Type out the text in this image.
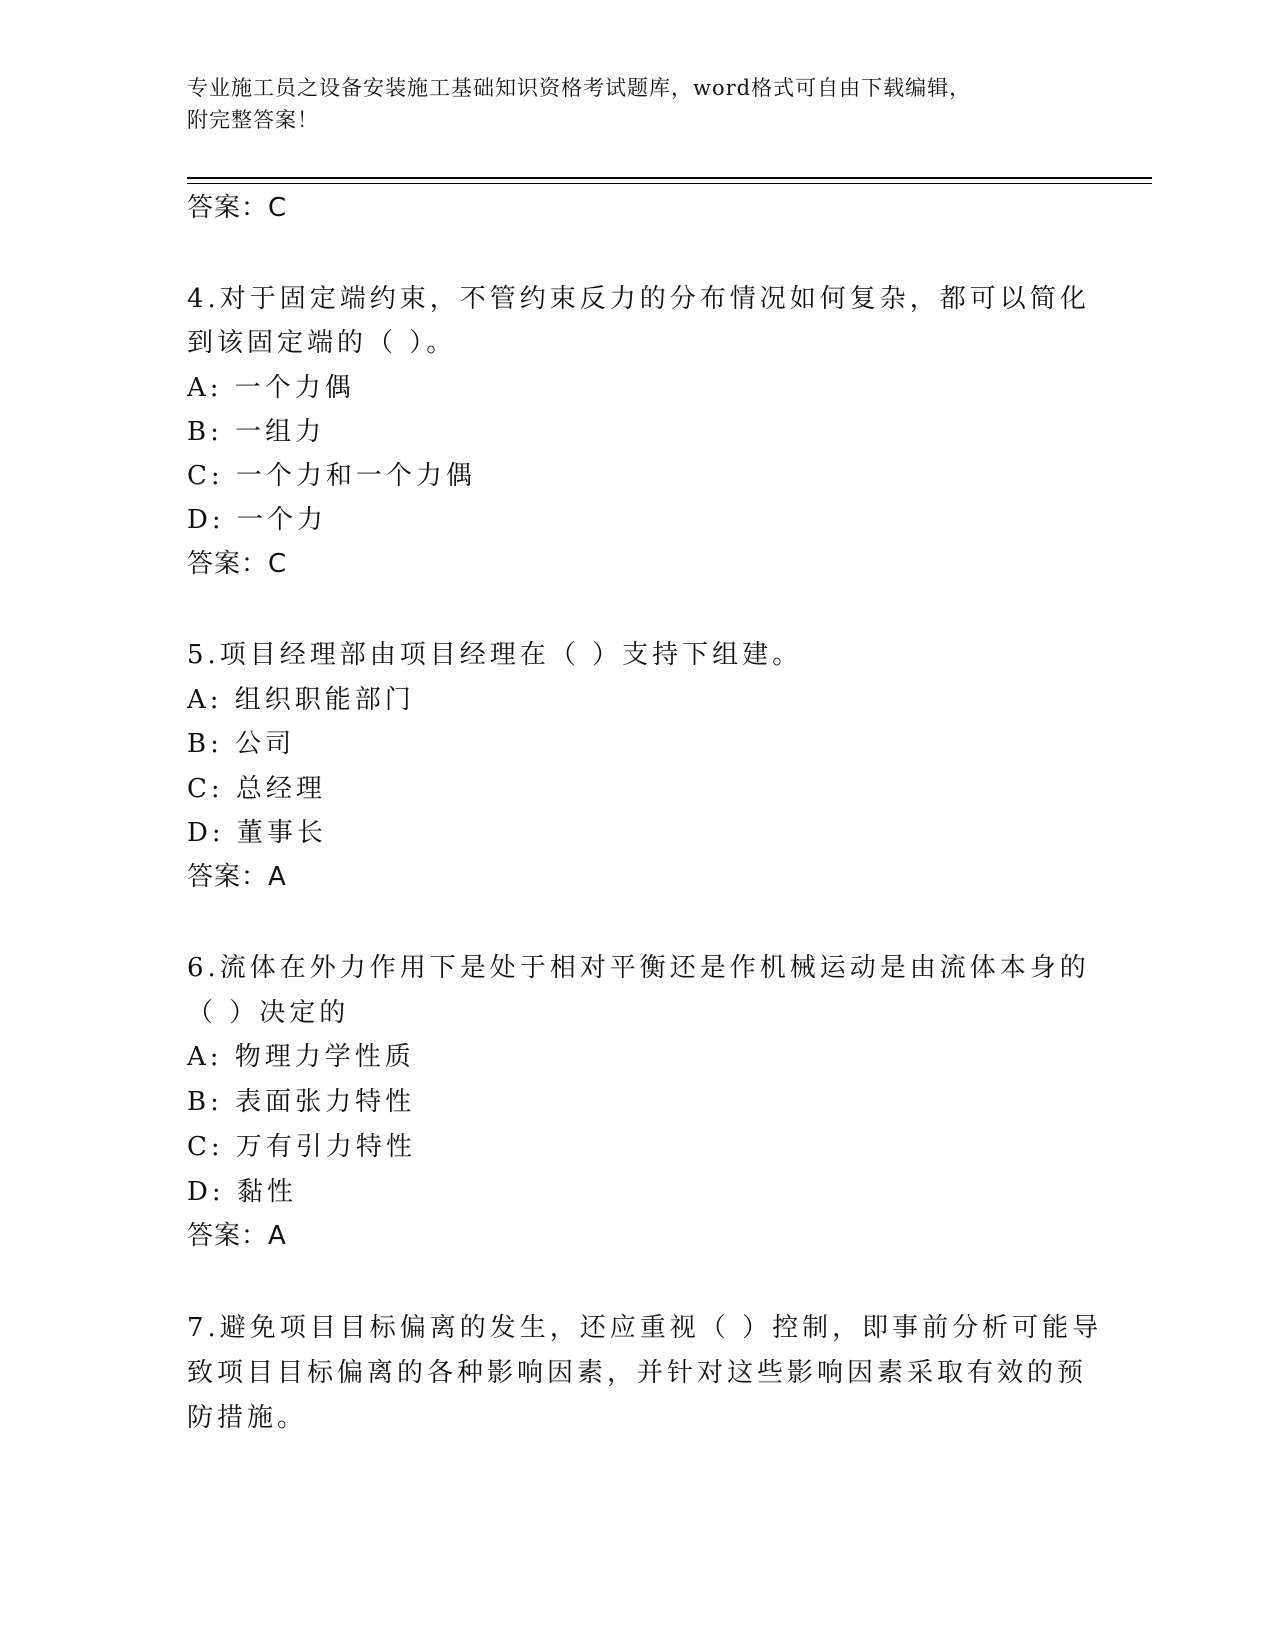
专业施工员之设备安装施工基础知识资格考试题库，word格式可自由下载编辑，
附完整答案！
答案：C
4.对于固定端约束，不管约束反力的分布情况如何复杂，都可以简化
到该固定端的（ ）。
A: 一个力偶
B: 一组力
C: 一个力和一个力偶
D: 一个力
答案：C
5.项目经理部由项目经理在（ ）支持下组建。
A: 组织职能部门
B: 公司
C: 总经理
D: 董事长
答案：A
6.流体在外力作用下是处于相对平衡还是作机械运动是由流体本身的
（ ）决定的
A: 物理力学性质
B: 表面张力特性
C: 万有引力特性
D: 黏性
答案：A
7.避免项目目标偏离的发生，还应重视（ ）控制，即事前分析可能导
致项目目标偏离的各种影响因素，并针对这些影响因素采取有效的预
防措施。
